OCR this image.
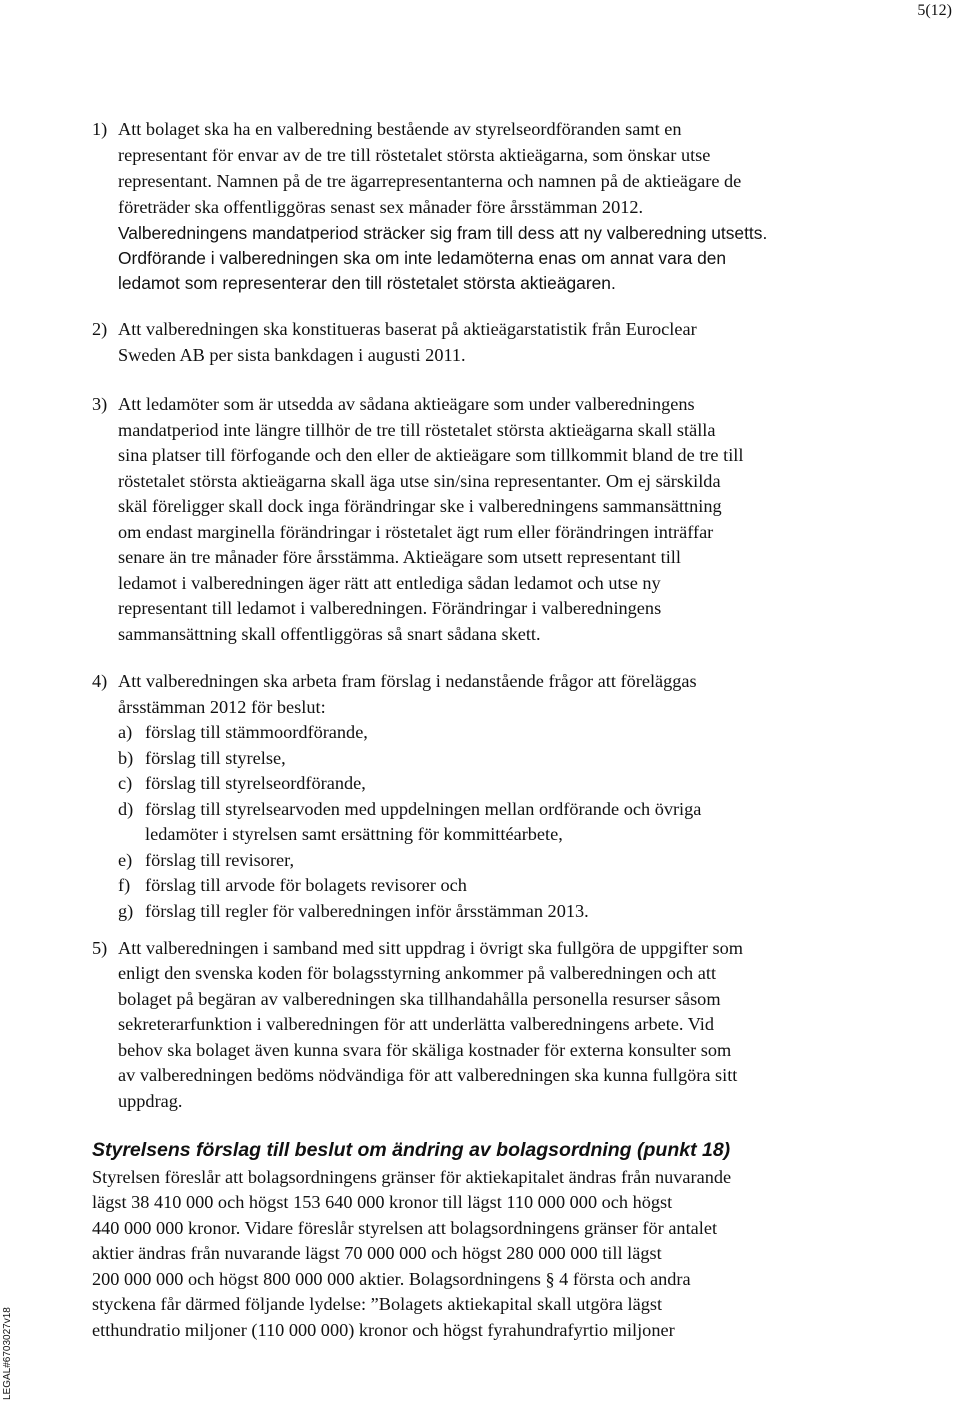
5(12)
LEGAL#6703027v18
1) Att bolaget ska ha en valberedning bestående av styrelseordföranden samt en
representant för envar av de tre till röstetalet största aktieägarna, som önskar utse
representant. Namnen på de tre ägarrepresentanterna och namnen på de aktieägare de
företräder ska offentliggöras senast sex månader före årsstämman 2012.
Valberedningens mandatperiod sträcker sig fram till dess att ny valberedning utsetts.
Ordförande i valberedningen ska om inte ledamöterna enas om annat vara den
ledamot som representerar den till röstetalet största aktieägaren.
2) Att valberedningen ska konstitueras baserat på aktieägarstatistik från Euroclear
Sweden AB per sista bankdagen i augusti 2011.
3) Att ledamöter som är utsedda av sådana aktieägare som under valberedningens
mandatperiod inte längre tillhör de tre till röstetalet största aktieägarna skall ställa
sina platser till förfogande och den eller de aktieägare som tillkommit bland de tre till
röstetalet största aktieägarna skall äga utse sin/sina representanter. Om ej särskilda
skäl föreligger skall dock inga förändringar ske i valberedningens sammansättning
om endast marginella förändringar i röstetalet ägt rum eller förändringen inträffar
senare än tre månader före årsstämma. Aktieägare som utsett representant till
ledamot i valberedningen äger rätt att entlediga sådan ledamot och utse ny
representant till ledamot i valberedningen. Förändringar i valberedningens
sammansättning skall offentliggöras så snart sådana skett.
4) Att valberedningen ska arbeta fram förslag i nedanstående frågor att föreläggas
årsstämman 2012 för beslut:
a) förslag till stämmoordförande,
b) förslag till styrelse,
c) förslag till styrelseordförande,
d) förslag till styrelsearvoden med uppdelningen mellan ordförande och övriga
ledamöter i styrelsen samt ersättning för kommittéarbete,
e) förslag till revisorer,
f) förslag till arvode för bolagets revisorer och
g) förslag till regler för valberedningen inför årsstämman 2013.
5) Att valberedningen i samband med sitt uppdrag i övrigt ska fullgöra de uppgifter som
enligt den svenska koden för bolagsstyrning ankommer på valberedningen och att
bolaget på begäran av valberedningen ska tillhandahålla personella resurser såsom
sekreterarfunktion i valberedningen för att underlätta valberedningens arbete. Vid
behov ska bolaget även kunna svara för skäliga kostnader för externa konsulter som
av valberedningen bedöms nödvändiga för att valberedningen ska kunna fullgöra sitt
uppdrag.
Styrelsens förslag till beslut om ändring av bolagsordning (punkt 18)
Styrelsen föreslår att bolagsordningens gränser för aktiekapitalet ändras från nuvarande
lägst 38 410 000 och högst 153 640 000 kronor till lägst 110 000 000 och högst
440 000 000 kronor. Vidare föreslår styrelsen att bolagsordningens gränser för antalet
aktier ändras från nuvarande lägst 70 000 000 och högst 280 000 000 till lägst
200 000 000 och högst 800 000 000 aktier. Bolagsordningens § 4 första och andra
styckena får därmed följande lydelse: ”Bolagets aktiekapital skall utgöra lägst
etthundratio miljoner (110 000 000) kronor och högst fyrahundrafyrtio miljoner
